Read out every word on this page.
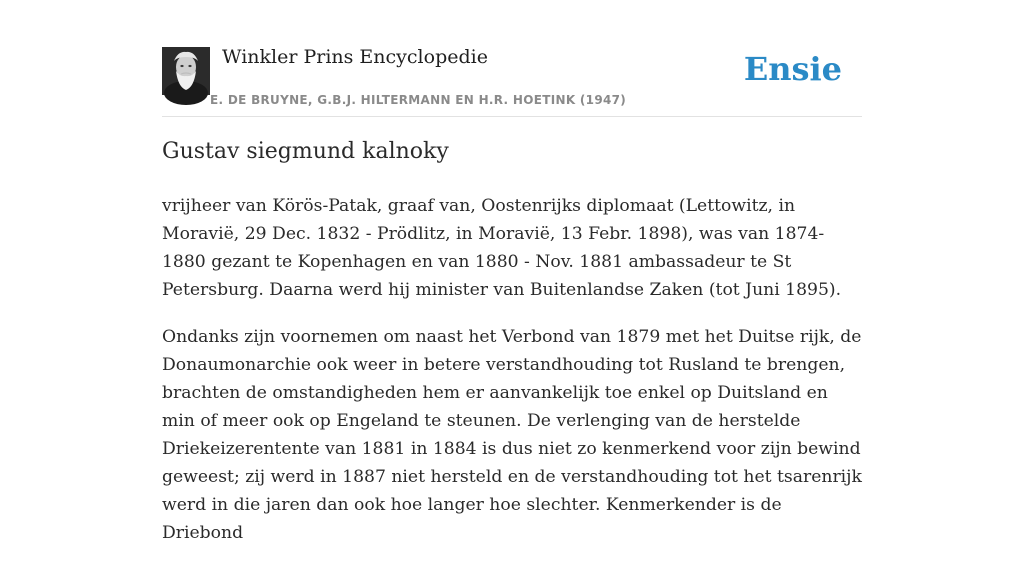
Winkler Prins Encyclopedie
E. DE BRUYNE, G.B.J. HILTERMANN EN H.R. HOETINK (1947)
Ensie
Gustav siegmund kalnoky

vrijheer van Körös-Patak, graaf van, Oostenrijks diplomaat (Lettowitz, in Moravië, 29 Dec. 1832 - Prödlitz, in Moravië, 13 Febr. 1898), was van 1874-1880 gezant te Kopenhagen en van 1880 - Nov. 1881 ambassadeur te St Petersburg. Daarna werd hij minister van Buitenlandse Zaken (tot Juni 1895).

Ondanks zijn voornemen om naast het Verbond van 1879 met het Duitse rijk, de Donaumonarchie ook weer in betere verstandhouding tot Rusland te brengen, brachten de omstandigheden hem er aanvankelijk toe enkel op Duitsland en min of meer ook op Engeland te steunen. De verlenging van de herstelde Driekeizerentente van 1881 in 1884 is dus niet zo kenmerkend voor zijn bewind geweest; zij werd in 1887 niet hersteld en de verstandhouding tot het tsarenrijk werd in die jaren dan ook hoe langer hoe slechter. Kenmerkender is de Driebond
